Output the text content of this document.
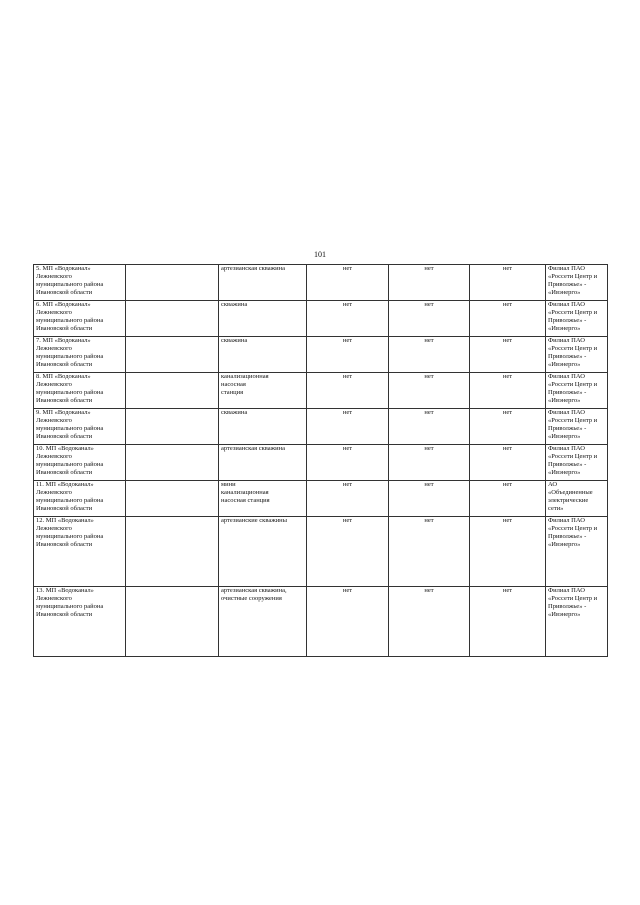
101
5. МП «Водоканал»
Лежневского
муниципального района
Ивановской области		артезианская скважина	нет	нет	нет	Филиал ПАО
«Россети Центр и
Приволжье» -
«Ивэнерго»

6. МП «Водоканал»
Лежневского
муниципального района
Ивановской области		скважина	нет	нет	нет	Филиал ПАО
«Россети Центр и
Приволжье» -
«Ивэнерго»

7. МП «Водоканал»
Лежневского
муниципального района
Ивановской области		скважина	нет	нет	нет	Филиал ПАО
«Россети Центр и
Приволжье» -
«Ивэнерго»

8. МП «Водоканал»
Лежневского
муниципального района
Ивановской области		канализационная
насосная
станция	нет	нет	нет	Филиал ПАО
«Россети Центр и
Приволжье» -
«Ивэнерго»

9. МП «Водоканал»
Лежневского
муниципального района
Ивановской области		скважина	нет	нет	нет	Филиал ПАО
«Россети Центр и
Приволжье» -
«Ивэнерго»

10. МП «Водоканал»
Лежневского
муниципального района
Ивановской области		артезианская скважина	нет	нет	нет	Филиал ПАО
«Россети Центр и
Приволжье» -
«Ивэнерго»

11. МП «Водоканал»
Лежневского
муниципального района
Ивановской области		мини
канализационная
насосная станция	нет	нет	нет	АО
«Объединенные
электрические
сети»

12. МП «Водоканал»
Лежневского
муниципального района
Ивановской области		артезианские скважины	нет	нет	нет	Филиал ПАО
«Россети Центр и
Приволжье» -
«Ивэнерго»

13. МП «Водоканал»
Лежневского
муниципального района
Ивановской области		артезианская скважина,
очистные сооружения	нет	нет	нет	Филиал ПАО
«Россети Центр и
Приволжье» -
«Ивэнерго»
